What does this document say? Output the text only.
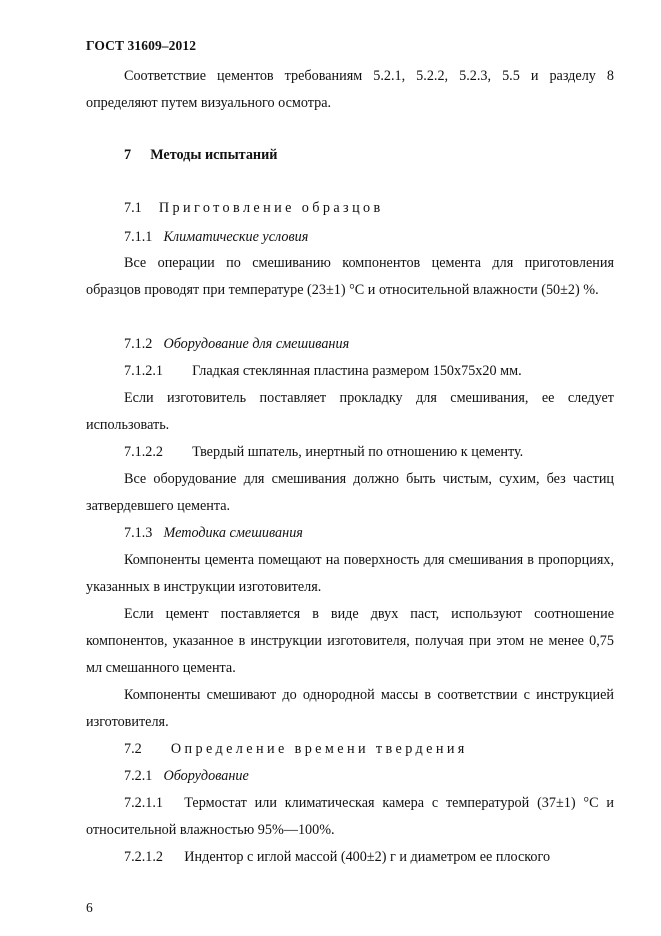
ГОСТ 31609–2012
Соответствие цементов требованиям 5.2.1, 5.2.2, 5.2.3, 5.5 и разделу 8 определяют путем визуального осмотра.
7 Методы испытаний
7.1 Приготовление образцов
7.1.1 Климатические условия
Все операции по смешиванию компонентов цемента для приготовления образцов проводят при температуре (23±1) °С и относительной влажности (50±2) %.
7.1.2 Оборудование для смешивания
7.1.2.1 Гладкая стеклянная пластина размером 150х75х20 мм.
Если изготовитель поставляет прокладку для смешивания, ее следует использовать.
7.1.2.2 Твердый шпатель, инертный по отношению к цементу.
Все оборудование для смешивания должно быть чистым, сухим, без частиц затвердевшего цемента.
7.1.3 Методика смешивания
Компоненты цемента помещают на поверхность для смешивания в пропорциях, указанных в инструкции изготовителя.
Если цемент поставляется в виде двух паст, используют соотношение компонентов, указанное в инструкции изготовителя, получая при этом не менее 0,75 мл смешанного цемента.
Компоненты смешивают до однородной массы в соответствии с инструкцией изготовителя.
7.2 Определение времени твердения
7.2.1 Оборудование
7.2.1.1  Термостат или климатическая камера с температурой (37±1) °С и относительной влажностью 95%—100%.
7.2.1.2  Индентор с иглой массой (400±2) г и диаметром ее плоского
6
